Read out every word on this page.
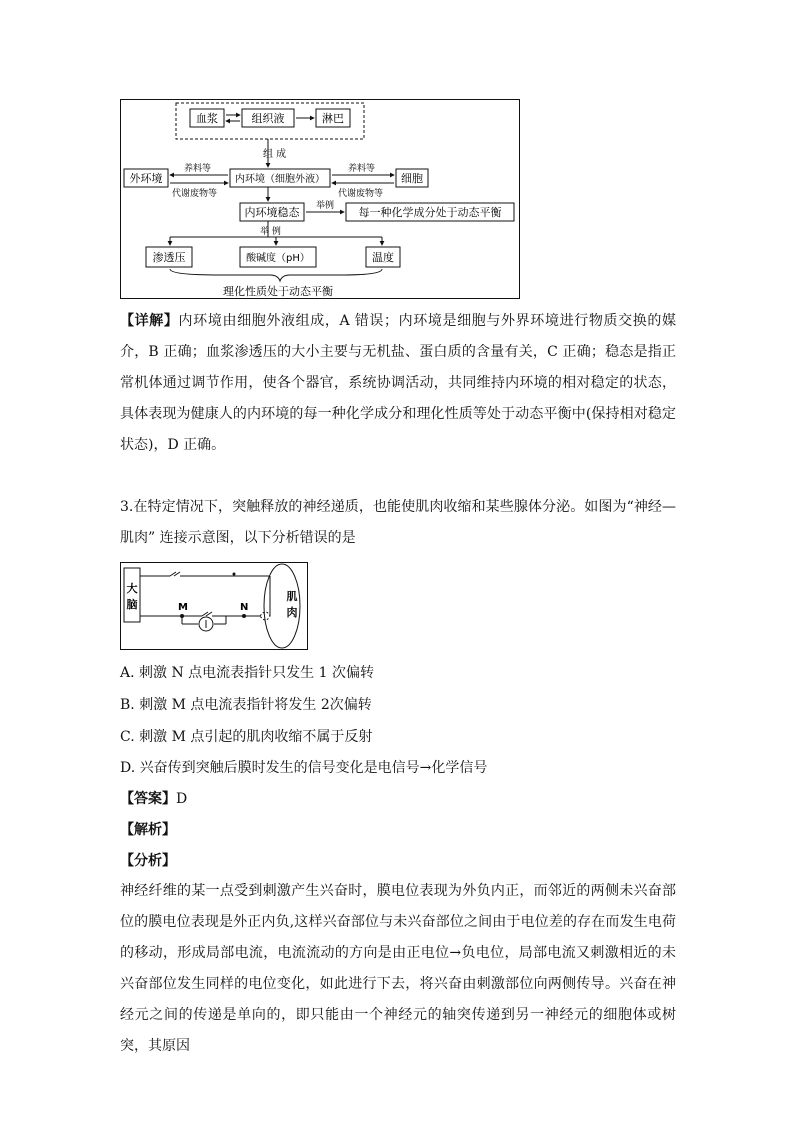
血浆	组织液	淋巴
组 成
外环境	内环境（细胞外液）	细胞
养料等
代谢废物等
养料等
代谢废物等
内环境稳态 举例 每一种化学成分处于动态平衡
举 例
渗透压	酸碱度（pH）	温度
理化性质处于动态平衡

【详解】内环境由细胞外液组成，A 错误；内环境是细胞与外界环境进行物质交换的媒介，B 正确；血浆渗透压的大小主要与无机盐、蛋白质的含量有关，C 正确；稳态是指正常机体通过调节作用，使各个器官，系统协调活动，共同维持内环境的相对稳定的状态，具体表现为健康人的内环境的每一种化学成分和理化性质等处于动态平衡中(保持相对稳定状态)，D 正确。

3.在特定情况下，突触释放的神经递质，也能使肌肉收缩和某些腺体分泌。如图为“神经—肌肉” 连接示意图，以下分析错误的是

大
脑	M	N
肌
肉

A. 刺激 N 点电流表指针只发生 1 次偏转

B. 刺激 M 点电流表指针将发生 2次偏转

C. 刺激 M 点引起的肌肉收缩不属于反射

D. 兴奋传到突触后膜时发生的信号变化是电信号→化学信号

【答案】D

【解析】

【分析】

神经纤维的某一点受到刺激产生兴奋时，膜电位表现为外负内正，而邻近的两侧未兴奋部位的膜电位表现是外正内负,这样兴奋部位与未兴奋部位之间由于电位差的存在而发生电荷的移动，形成局部电流，电流流动的方向是由正电位→负电位，局部电流又刺激相近的未兴奋部位发生同样的电位变化，如此进行下去，将兴奋由刺激部位向两侧传导。兴奋在神经元之间的传递是单向的，即只能由一个神经元的轴突传递到另一神经元的细胞体或树突，其原因
